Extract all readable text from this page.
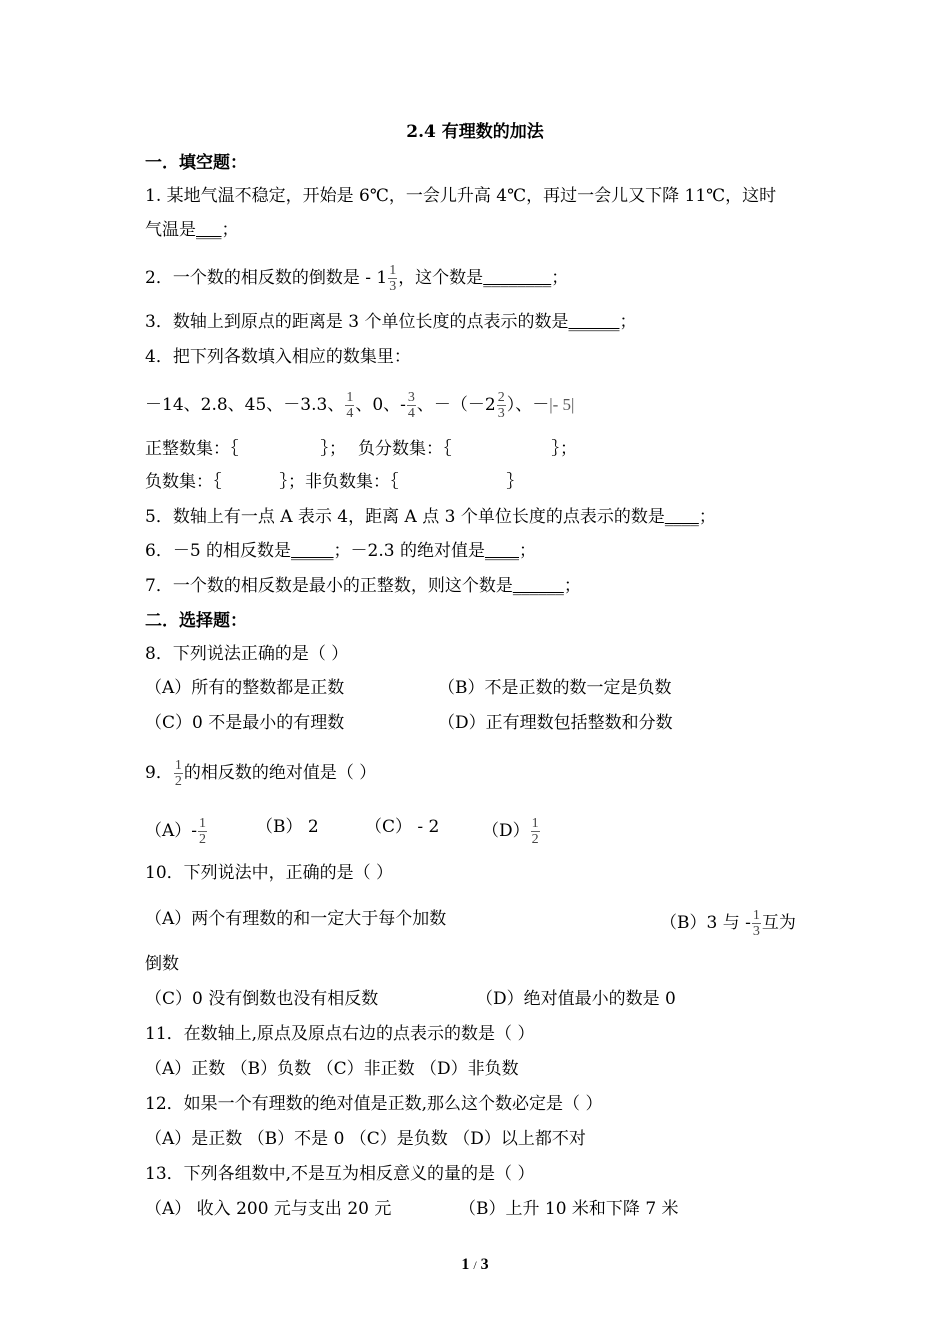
2.4 有理数的加法
一．填空题：
1. 某地气温不稳定，开始是 6℃，一会儿升高 4℃，再过一会儿又下降 11℃，这时
气温是___；
2．一个数的相反数的倒数是 - $1 \frac{1}{3}$ ，这个数是________；
3．数轴上到原点的距离是 3 个单位长度的点表示的数是______；
4．把下列各数填入相应的数集里：
－14、2.8、45、－3.3、 $\frac{1}{4}$ 、0、- $\frac{3}{4}$ 、$-(-2 \frac{2}{3}$ ）、－|- 5|
正整数集：｛	｝； 负分数集：｛	｝；
负数集：｛	｝；非负数集：｛	｝
5．数轴上有一点 A 表示 4，距离 A 点 3 个单位长度的点表示的数是____；
6．－5 的相反数是_____；－2.3 的绝对值是____；
7．一个数的相反数是最小的正整数，则这个数是______；
二．选择题：
8．下列说法正确的是（ ）
（A）所有的整数都是正数	（B）不是正数的数一定是负数
（C）0 不是最小的有理数	（D）正有理数包括整数和分数
9． $\frac{1}{2}$ 的相反数的绝对值是（ ）
$(A)- \frac{1}{2}$	（B） 2	（C） - 2	$(D) \frac{1}{2}$
10．下列说法中，正确的是（ ）
（A）两个有理数的和一定大于每个加数	（B）3 与 - $\frac{1}{3}$ 互为
倒数
（C）0 没有倒数也没有相反数	（D）绝对值最小的数是 0
11．在数轴上,原点及原点右边的点表示的数是（ ）
（A）正数 （B）负数 （C）非正数 （D）非负数
12．如果一个有理数的绝对值是正数,那么这个数必定是（ ）
（A）是正数 （B）不是 0 （C）是负数 （D）以上都不对
13．下列各组数中,不是互为相反意义的量的是（ ）
（A） 收入 200 元与支出 20 元	（B）上升 10 米和下降 7 米
1 / 3
